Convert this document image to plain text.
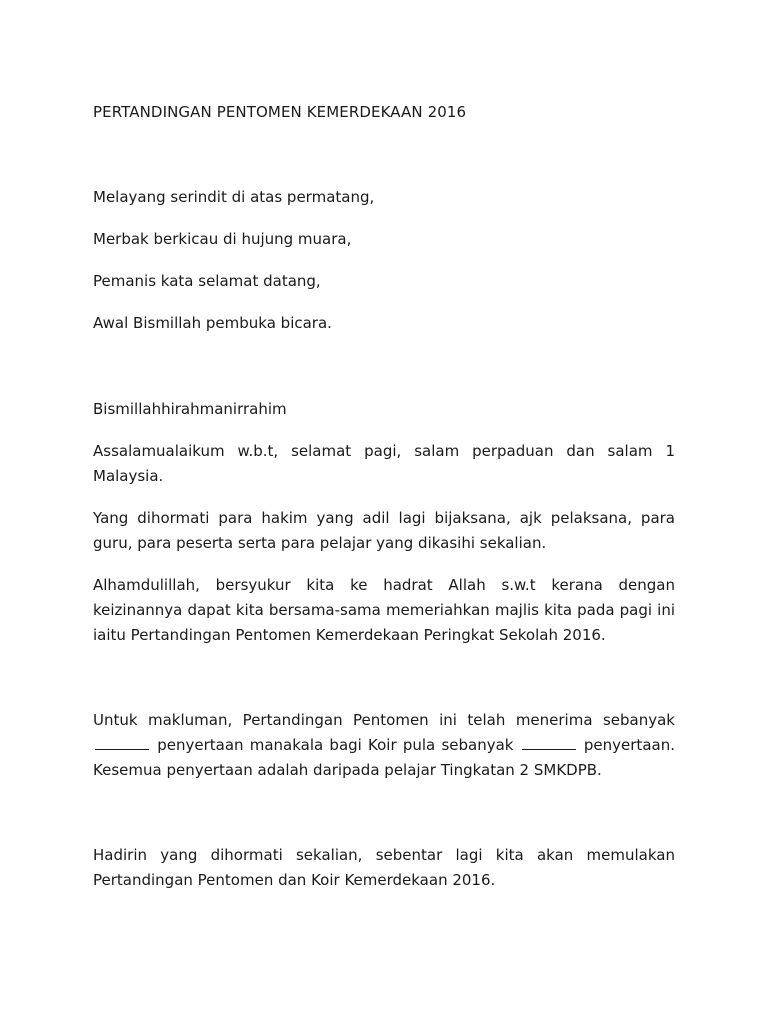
PERTANDINGAN PENTOMEN KEMERDEKAAN 2016

Melayang serindit di atas permatang,

Merbak berkicau di hujung muara,

Pemanis kata selamat datang,

Awal Bismillah pembuka bicara.

Bismillahhirahmanirrahim

Assalamualaikum w.b.t, selamat pagi, salam perpaduan dan salam 1 Malaysia.

Yang dihormati para hakim yang adil lagi bijaksana, ajk pelaksana, para guru, para peserta serta para pelajar yang dikasihi sekalian.

Alhamdulillah, bersyukur kita ke hadrat Allah s.w.t kerana dengan keizinannya dapat kita bersama-sama memeriahkan majlis kita pada pagi ini iaitu Pertandingan Pentomen Kemerdekaan Peringkat Sekolah 2016.

Untuk makluman, Pertandingan Pentomen ini telah menerima sebanyak  penyertaan manakala bagi Koir pula sebanyak	penyertaan. Kesemua penyertaan adalah daripada pelajar Tingkatan 2 SMKDPB.

Hadirin yang dihormati sekalian, sebentar lagi kita akan memulakan Pertandingan Pentomen dan Koir Kemerdekaan 2016.
